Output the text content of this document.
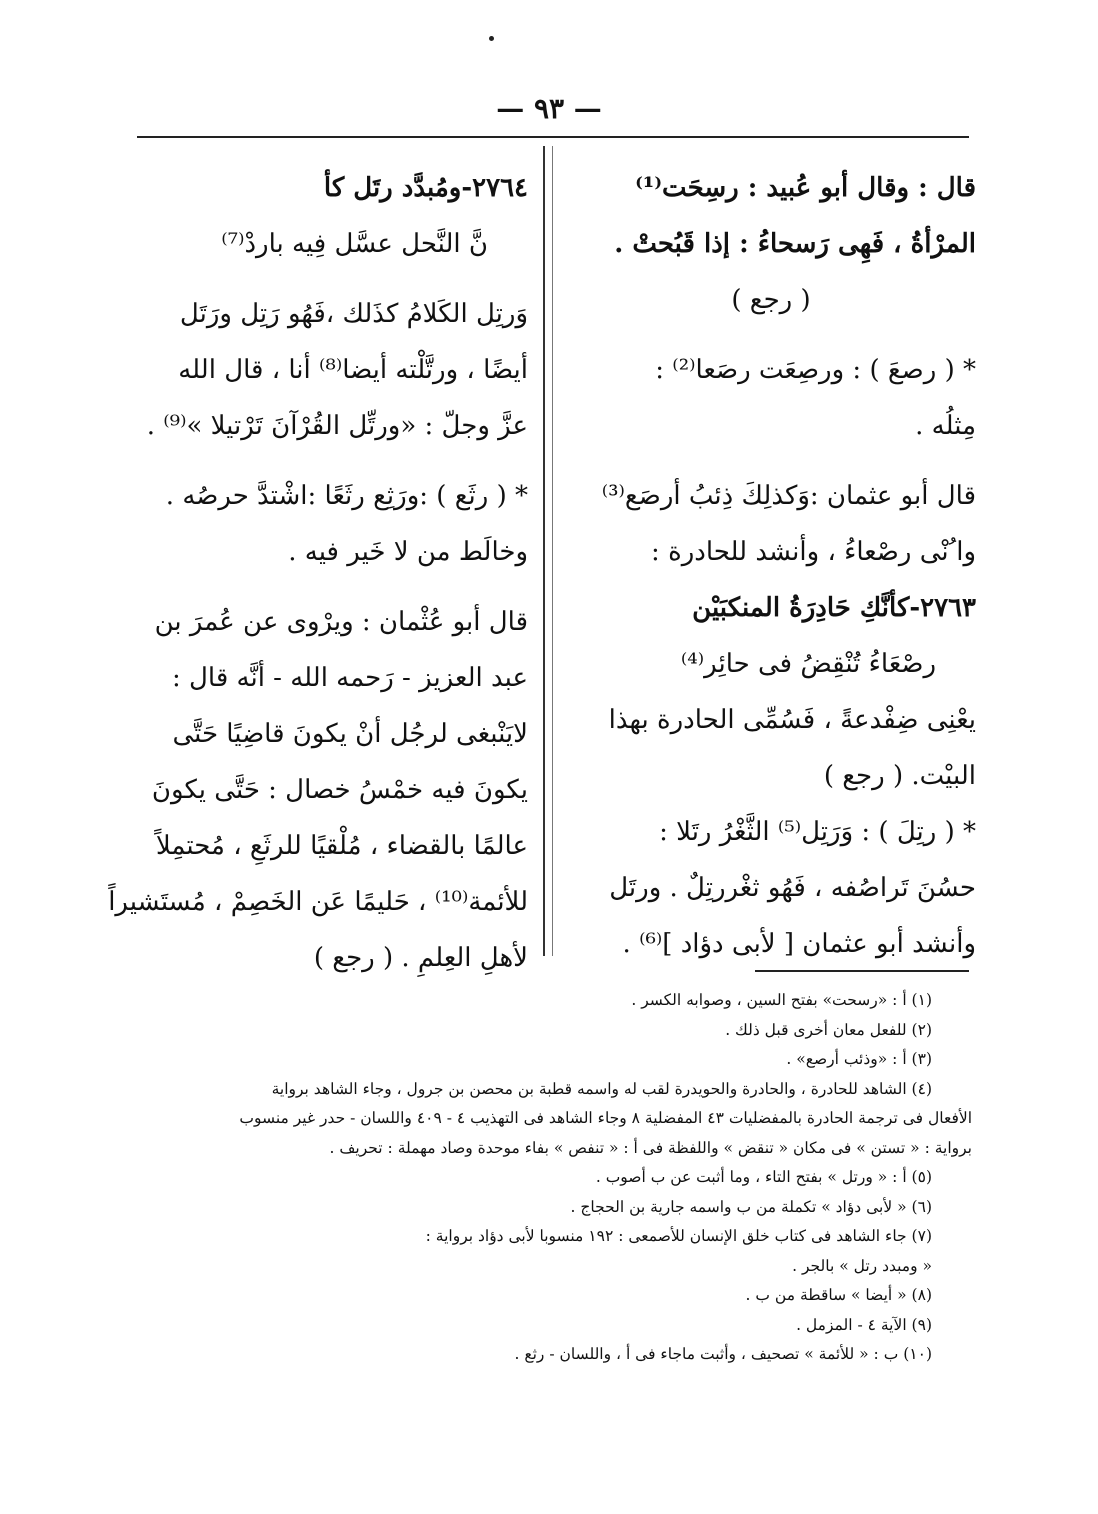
— ٩٣ —

قال : وقال أبو عُبيد : رسِحَت⁽¹⁾

المرْأةُ ، فَهِى رَسحاءُ : إذا قَبُحتْ .

( رجع )

* ( رصعَ ) : ورصِعَت رصَعا⁽²⁾ :

مِثلُه .

قال أبو عثمان :وَكذلِكَ ذِئبُ أرصَع⁽³⁾

وا ُنْى رصْعاءُ ، وأنشد للحادرة :

٢٧٦٣-كأنَّكِ حَادِرَةُ المنكبَيْن

رصْعَاءُ تُنْقِضُ فى حائِر⁽⁴⁾

يعْنِى ضِفْدعةً ، فَسُمِّى الحادرة بهذا

البيْت. ( رجع )

* ( رتِلَ ) : وَرَتِل⁽⁵⁾ الثَّغْرُ رتَلا :

حسُنَ تَراصُفه ، فَهُو ثغْررتِلٌ . ورتَل

وأنشد أبو عثمان [ لأبى دؤاد ]⁽⁶⁾ .

٢٧٦٤-ومُبدَّد رتَل كأ

نَّ النَّحل عسَّل فِيه باردْ⁽⁷⁾

وَرتِل الكَلامُ كذَلك ،فَهُو رَتِل ورَتَل

أيضًا ، ورتَّلْته أيضا⁽⁸⁾ أنا ، قال الله

عزَّ وجلّ : «ورتِّل القُرْآنَ تَرْتيلا »⁽⁹⁾ .

* ( رثَع ) :ورَثِع رثَعًا :اشْتدَّ حرصُه .

وخالَط من لا خَير فيه .

قال أبو عُثْمان : ويرْوى عن عُمرَ بن

عبد العزيز - رَحمه الله - أنَّه قال :

لايَنْبغى لرجُل أنْ يكونَ قاضِيًا حَتَّى

يكونَ فيه خمْسُ خصال : حَتَّى يكونَ

عالمًا بالقضاء ، مُلْقيًا للرثَعِ ، مُحتمِلاً

للأئمة⁽¹⁰⁾ ، حَليمًا عَن الخَصِمْ ، مُستَشيراً

لأهلِ العِلمِ . ( رجع )

(١) أ : «رسحت» بفتح السين ، وصوابه الكسر .

(٢) للفعل معان أخرى قبل ذلك .

(٣) أ : «وذئب أرصع» .

(٤) الشاهد للحادرة ، والحادرة والحويدرة لقب له واسمه قطبة بن محصن بن جرول ، وجاء الشاهد برواية

الأفعال فى ترجمة الحادرة بالمفضليات ٤٣ المفضلية ٨ وجاء الشاهد فى التهذيب ٤ - ٤٠٩ واللسان - حدر غير منسوب

برواية : « تستن » فى مكان « تنقض » واللفظة فى أ : « تنفص » بفاء موحدة وصاد مهملة : تحريف .

(٥) أ : « ورتل » بفتح التاء ، وما أثبت عن ب أصوب .

(٦) « لأبى دؤاد » تكملة من ب واسمه جارية بن الحجاج .

(٧) جاء الشاهد فى كتاب خلق الإنسان للأصمعى : ١٩٢ منسوبا لأبى دؤاد برواية :

« ومبدد رتل » بالجر .

(٨) « أيضا » ساقطة من ب .

(٩) الآية ٤ - المزمل .

(١٠) ب : « للأئمة » تصحيف ، وأثبت ماجاء فى أ ، واللسان - رثع .
